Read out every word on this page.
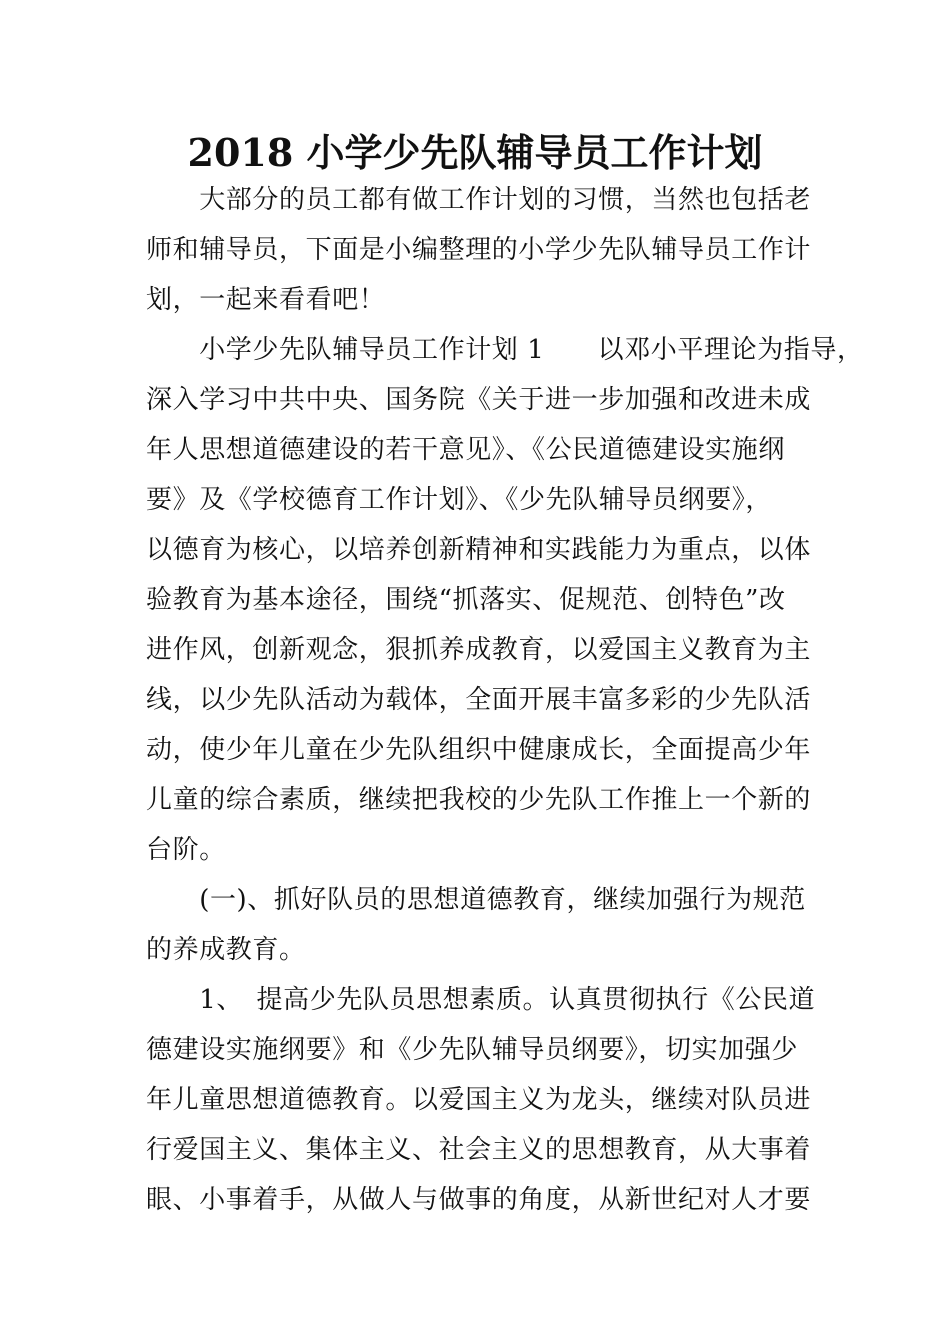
2018 小学少先队辅导员工作计划
　　大部分的员工都有做工作计划的习惯，当然也包括老
师和辅导员，下面是小编整理的小学少先队辅导员工作计
划，一起来看看吧！
　　小学少先队辅导员工作计划 1　　以邓小平理论为指导，
深入学习中共中央、国务院《关于进一步加强和改进未成
年人思想道德建设的若干意见》、《公民道德建设实施纲
要》及《学校德育工作计划》、《少先队辅导员纲要》，
以德育为核心，以培养创新精神和实践能力为重点，以体
验教育为基本途径，围绕“抓落实、促规范、创特色”改
进作风，创新观念，狠抓养成教育，以爱国主义教育为主
线，以少先队活动为载体，全面开展丰富多彩的少先队活
动，使少年儿童在少先队组织中健康成长，全面提高少年
儿童的综合素质，继续把我校的少先队工作推上一个新的
台阶。
　　(一)、抓好队员的思想道德教育，继续加强行为规范
的养成教育。
　　1、　提高少先队员思想素质。认真贯彻执行《公民道
德建设实施纲要》和《少先队辅导员纲要》，切实加强少
年儿童思想道德教育。以爱国主义为龙头，继续对队员进
行爱国主义、集体主义、社会主义的思想教育，从大事着
眼、小事着手，从做人与做事的角度，从新世纪对人才要
